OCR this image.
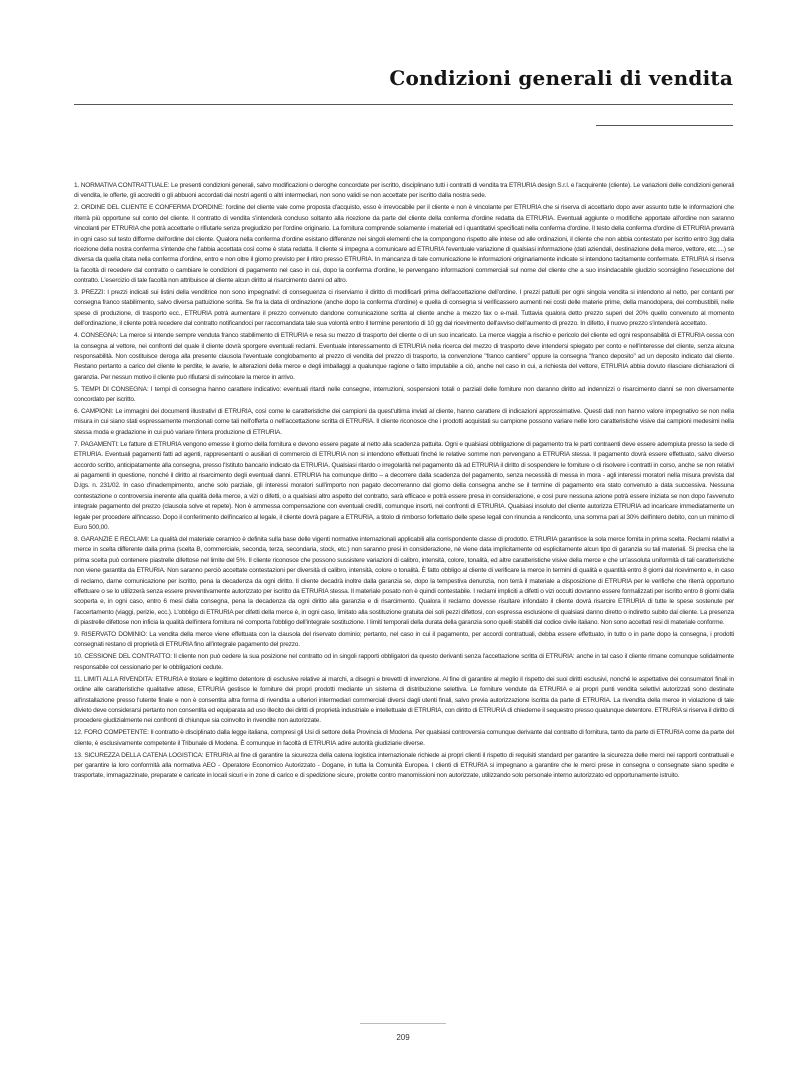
Condizioni generali di vendita

1. NORMATIVA CONTRATTUALE: Le presenti condizioni generali, salvo modificazioni o deroghe concordate per iscritto, disciplinano tutti i contratti di vendita tra ETRURIA design S.r.l. e l'acquirente (cliente). Le variazioni delle condizioni generali di vendita, le offerte, gli accrediti o gli abbuoni accordati dai nostri agenti o altri intermediari, non sono validi se non accettate per iscritto dalla nostra sede.

2. ORDINE DEL CLIENTE E CONFERMA D'ORDINE: l'ordine del cliente vale come proposta d'acquisto, esso è irrevocabile per il cliente e non è vincolante per ETRURIA che si riserva di accettarlo dopo aver assunto tutte le informazioni che riterrà più opportune sul conto del cliente. Il contratto di vendita s'intenderà concluso soltanto alla ricezione da parte del cliente della conferma d'ordine redatta da ETRURIA. Eventuali aggiunte o modifiche apportate all'ordine non saranno vincolanti per ETRURIA che potrà accettarle o rifiutarle senza pregiudizio per l'ordine originario. La fornitura comprende solamente i materiali ed i quantitativi specificati nella conferma d'ordine. Il testo della conferma d'ordine di ETRURIA prevarrà in ogni caso sul testo difforme dell'ordine del cliente. Qualora nella conferma d'ordine esistano differenze nei singoli elementi che la compongono rispetto alle intese od alle ordinazioni, il cliente che non abbia contestato per iscritto entro 3gg dalla ricezione della nostra conferma s'intende che l'abbia accettata così come è stata redatta. Il cliente si impegna a comunicare ad ETRURIA l'eventuale variazione di qualsiasi informazione (dati aziendali, destinazione della merce, vettore, etc.....) se diversa da quella citata nella conferma d'ordine, entro e non oltre il giorno previsto per il ritiro presso ETRURIA. In mancanza di tale comunicazione le informazioni originariamente indicate si intendono tacitamente confermate. ETRURIA si riserva la facoltà di recedere dal contratto o cambiare le condizioni di pagamento nel caso in cui, dopo la conferma d'ordine, le pervengano informazioni commerciali sul nome del cliente che a suo insindacabile giudizio sconsiglino l'esecuzione del contratto. L'esercizio di tale facoltà non attribuisce al cliente alcun diritto al risarcimento danni od altro.

3. PREZZI: I prezzi indicati sui listini della venditrice non sono impegnativi: di conseguenza ci riserviamo il diritto di modificarli prima dell'accettazione dell'ordine. I prezzi pattuiti per ogni singola vendita si intendono al netto, per contanti per consegna franco stabilimento, salvo diversa pattuizione scritta. Se fra la data di ordinazione (anche dopo la conferma d'ordine) e quella di consegna si verificassero aumenti nei costi delle materie prime, della manodopera, dei combustibili, nelle spese di produzione, di trasporto ecc., ETRURIA potrà aumentare il prezzo convenuto dandone comunicazione scritta al cliente anche a mezzo fax o e-mail. Tuttavia qualora detto prezzo superi del 20% quello convenuto al momento dell'ordinazione, il cliente potrà recedere dal contratto notificandoci per raccomandata tale sua volontà entro il termine perentorio di 10 gg dal ricevimento dell'avviso dell'aumento di prezzo. In difetto, il nuovo prezzo s'intenderà accettato.

4. CONSEGNA: La merce si intende sempre venduta franco stabilimento di ETRURIA e resa su mezzo di trasporto del cliente o di un suo incaricato. La merce viaggia a rischio e pericolo del cliente ed ogni responsabilità di ETRURIA cessa con la consegna al vettore, nei confronti del quale il cliente dovrà sporgere eventuali reclami. Eventuale interessamento di ETRURIA nella ricerca del mezzo di trasporto deve intendersi spiegato per conto e nell'interesse del cliente, senza alcuna responsabilità. Non costituisce deroga alla presente clausola l'eventuale conglobamento al prezzo di vendita del prezzo di trasporto, la convenzione "franco cantiere" oppure la consegna "franco deposito" ad un deposito indicato dal cliente. Restano pertanto a carico del cliente le perdite, le avarie, le alterazioni della merce e degli imballaggi a qualunque ragione o fatto imputabile a ciò, anche nel caso in cui, a richiesta del vettore, ETRURIA abbia dovuto rilasciare dichiarazioni di garanzia. Per nessun motivo il cliente può rifiutarsi di svincolare la merce in arrivo.

5. TEMPI DI CONSEGNA: I tempi di consegna hanno carattere indicativo: eventuali ritardi nelle consegne, interruzioni, sospensioni totali o parziali delle forniture non daranno diritto ad indennizzi o risarcimento danni se non diversamente concordato per iscritto.

6. CAMPIONI: Le immagini dei documenti illustrativi di ETRURIA, così come le caratteristiche dei campioni da quest'ultima inviati al cliente, hanno carattere di indicazioni approssimative. Questi dati non hanno valore impegnativo se non nella misura in cui siano stati espressamente menzionati come tali nell'offerta o nell'accettazione scritta di ETRURIA. Il cliente riconosce che i prodotti acquistati su campione possono variare nelle loro caratteristiche visive dai campioni medesimi nella stessa moda e gradazione in cui può variare l'intera produzione di ETRURIA.

7. PAGAMENTI: Le fatture di ETRURIA vengono emesse il giorno della fornitura e devono essere pagate al netto alla scadenza pattuita. Ogni e qualsiasi obbligazione di pagamento tra le parti contraenti deve essere adempiuta presso la sede di ETRURIA. Eventuali pagamenti fatti ad agenti, rappresentanti o ausiliari di commercio di ETRURIA non si intendono effettuati finché le relative somme non pervengano a ETRURIA stessa. Il pagamento dovrà essere effettuato, salvo diverso accordo scritto, anticipatamente alla consegna, presso l'Istituto bancario indicato da ETRURIA. Qualsiasi ritardo o irregolarità nel pagamento dà ad ETRURIA il diritto di sospendere le forniture o di risolvere i contratti in corso, anche se non relativi ai pagamenti in questione, nonché il diritto al risarcimento degli eventuali danni. ETRURIA ha comunque diritto – a decorrere dalla scadenza del pagamento, senza necessità di messa in mora - agli interessi moratori nella misura prevista dal D.lgs. n. 231/02. In caso d'inadempimento, anche solo parziale, gli interessi moratori sull'importo non pagato decorreranno dal giorno della consegna anche se il termine di pagamento era stato convenuto a data successiva. Nessuna contestazione o controversia inerente alla qualità della merce, a vizi o difetti, o a qualsiasi altro aspetto del contratto, sarà efficace e potrà essere presa in considerazione, e così pure nessuna azione potrà essere iniziata se non dopo l'avvenuto integrale pagamento del prezzo (clausola solve et repete). Non è ammessa compensazione con eventuali crediti, comunque insorti, nei confronti di ETRURIA. Qualsiasi insoluto del cliente autorizza ETRURIA ad incaricare immediatamente un legale per procedere all'incasso. Dopo il conferimento dell'incarico al legale, il cliente dovrà pagare a ETRURIA, a titolo di rimborso forfettario delle spese legali con rinuncia a rendiconto, una somma pari al 30% dell'intero debito, con un minimo di Euro 500,00.

8. GARANZIE E RECLAMI: La qualità del materiale ceramico è definita sulla base delle vigenti normative internazionali applicabili alla corrispondente classe di prodotto. ETRURIA garantisce la sola merce fornita in prima scelta. Reclami relativi a merce in scelta differente dalla prima (scelta B, commerciale, seconda, terza, secondaria, stock, etc.) non saranno presi in considerazione, né viene data implicitamente od esplicitamente alcun tipo di garanzia su tali materiali. Si precisa che la prima scelta può contenere piastrelle difettose nel limite del 5%. Il cliente riconosce che possono sussistere variazioni di calibro, intensità, colore, tonalità, ed altre caratteristiche visive della merce e che un'assoluta uniformità di tali caratteristiche non viene garantita da ETRURIA. Non saranno perciò accettate contestazioni per diversità di calibro, intensità, colore o tonalità. È fatto obbligo al cliente di verificare la merce in termini di qualità e quantità entro 8 giorni dal ricevimento e, in caso di reclamo, darne comunicazione per iscritto, pena la decadenza da ogni diritto. Il cliente decadrà inoltre dalla garanzia se, dopo la tempestiva denunzia, non terrà il materiale a disposizione di ETRURIA per le verifiche che riterrà opportuno effettuare o se lo utilizzerà senza essere preventivamente autorizzato per iscritto da ETRURIA stessa. Il materiale posato non è quindi contestabile. I reclami impliciti a difetti o vizi occulti dovranno essere formalizzati per iscritto entro 8 giorni dalla scoperta e, in ogni caso, entro 6 mesi dalla consegna, pena la decadenza da ogni diritto alla garanzia e di risarcimento. Qualora il reclamo dovesse risultare infondato il cliente dovrà risarcire ETRURIA di tutte le spese sostenute per l'accertamento (viaggi, perizie, ecc.). L'obbligo di ETRURIA per difetti della merce è, in ogni caso, limitato alla sostituzione gratuita dei soli pezzi difettosi, con espressa esclusione di qualsiasi danno diretto o indiretto subito dal cliente. La presenza di piastrelle difettose non inficia la qualità dell'intera fornitura né comporta l'obbligo dell'integrale sostituzione. I limiti temporali della durata della garanzia sono quelli stabiliti dal codice civile italiano. Non sono accettati resi di materiale conforme.

9. RISERVATO DOMINIO: La vendita della merce viene effettuata con la clausola del riservato dominio; pertanto, nel caso in cui il pagamento, per accordi contrattuali, debba essere effettuato, in tutto o in parte dopo la consegna, i prodotti consegnati restano di proprietà di ETRURIA fino all'integrale pagamento del prezzo.

10. CESSIONE DEL CONTRATTO: Il cliente non può cedere la sua posizione nel contratto od in singoli rapporti obbligatori da questo derivanti senza l'accettazione scritta di ETRURIA: anche in tal caso il cliente rimane comunque solidalmente responsabile col cessionario per le obbligazioni cedute.

11. LIMITI ALLA RIVENDITA: ETRURIA è titolare e legittimo detentore di esclusive relative ai marchi, a disegni e brevetti di invenzione. Al fine di garantire al meglio il rispetto dei suoi diritti esclusivi, nonché le aspettative dei consumatori finali in ordine alle caratteristiche qualitative attese, ETRURIA gestisce le forniture dei propri prodotti mediante un sistema di distribuzione selettiva. Le forniture vendute da ETRURIA e ai propri punti vendita selettivi autorizzati sono destinate all'installazione presso l'utente finale e non è consentita altra forma di rivendita a ulteriori intermediari commerciali diversi dagli utenti finali, salvo previa autorizzazione iscritta da parte di ETRURIA. La rivendita della merce in violazione di tale divieto deve considerarsi pertanto non consentita ed equiparata ad uso illecito dei diritti di proprietà industriale e intellettuale di ETRURIA, con diritto di ETRURIA di chiederne il sequestro presso qualunque detentore. ETRURIA si riserva il diritto di procedere giudizialmente nei confronti di chiunque sia coinvolto in rivendite non autorizzate.

12. FORO COMPETENTE: Il contratto è disciplinato dalla legge italiana, compresi gli Usi di settore della Provincia di Modena. Per qualsiasi controversia comunque derivante dal contratto di fornitura, tanto da parte di ETRURIA come da parte del cliente, è esclusivamente competente il Tribunale di Modena. È comunque in facoltà di ETRURIA adire autorità giudiziarie diverse.

13. SICUREZZA DELLA CATENA LOGISTICA: ETRURIA al fine di garantire la sicurezza della catena logistica internazionale richiede ai propri clienti il rispetto di requisiti standard per garantire la sicurezza delle merci nei rapporti contrattuali e per garantire la loro conformità alla normativa AEO - Operatore Economico Autorizzato - Dogane, in tutta la Comunità Europea. I clienti di ETRURIA si impegnano a garantire che le merci prese in consegna o consegnate siano spedite e trasportate, immagazzinate, preparate e caricate in locali sicuri e in zone di carico e di spedizione sicure, protette contro manomissioni non autorizzate, utilizzando solo personale interno autorizzato ed opportunamente istruito.

209
